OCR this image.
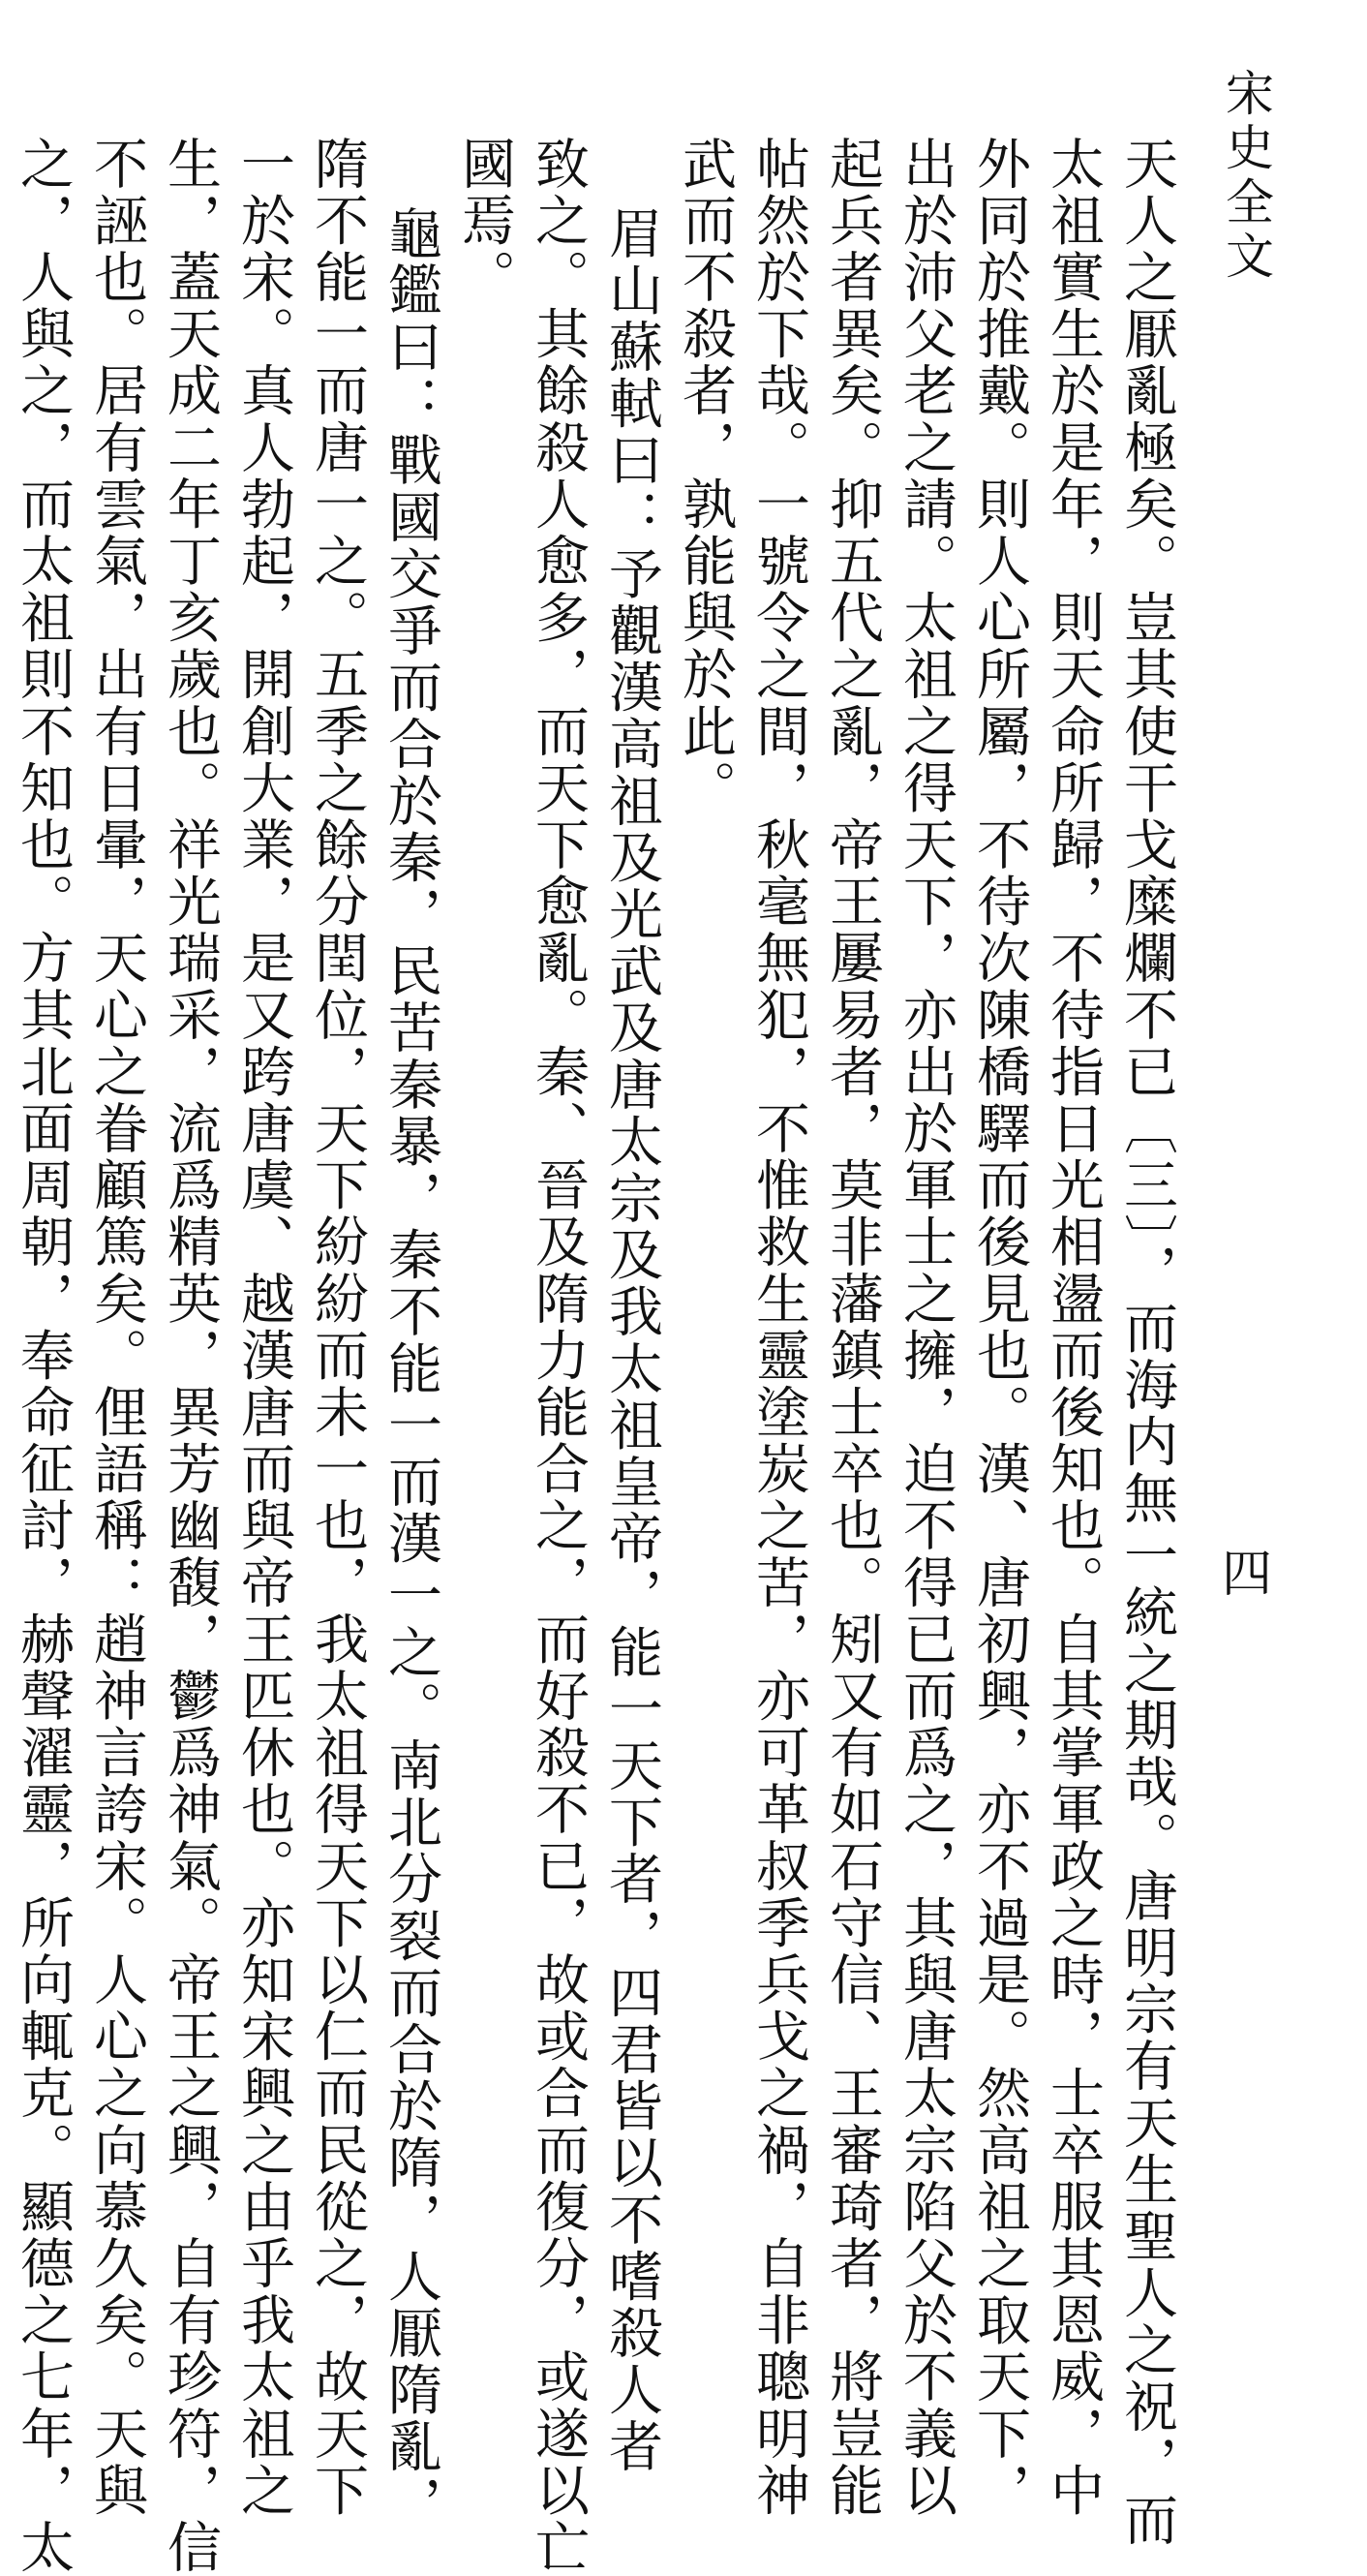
宋史全文
四
天人之厭亂極矣。豈其使干戈糜爛不已〔三〕，而海内無一統之期哉。唐明宗有天生聖人之祝，而
太祖實生於是年，則天命所歸，不待指日光相盪而後知也。自其掌軍政之時，士卒服其恩威，中
外同於推戴。則人心所屬，不待次陳橋驛而後見也。漢、唐初興，亦不過是。然高祖之取天下，
出於沛父老之請。太祖之得天下，亦出於軍士之擁，迫不得已而爲之，其與唐太宗陷父於不義以
起兵者異矣。抑五代之亂，帝王屢易者，莫非藩鎮士卒也。矧又有如石守信、王審琦者，將豈能
帖然於下哉。一號令之間，秋毫無犯，不惟救生靈塗炭之苦，亦可革叔季兵戈之禍，自非聰明神
武而不殺者，孰能與於此。
眉山蘇軾曰：予觀漢高祖及光武及唐太宗及我太祖皇帝，能一天下者，四君皆以不嗜殺人者
致之。其餘殺人愈多，而天下愈亂。秦、晉及隋力能合之，而好殺不已，故或合而復分，或遂以亡
國焉。
龜鑑曰：戰國交爭而合於秦，民苦秦暴，秦不能一而漢一之。南北分裂而合於隋，人厭隋亂，
隋不能一而唐一之。五季之餘分閏位，天下紛紛而未一也，我太祖得天下以仁而民從之，故天下
一於宋。真人勃起，開創大業，是又跨唐虞、越漢唐而與帝王匹休也。亦知宋興之由乎我太祖之
生，蓋天成二年丁亥歲也。祥光瑞采，流爲精英，異芳幽馥，鬱爲神氣。帝王之興，自有珍符，信
不誣也。居有雲氣，出有日暈，天心之眷顧篤矣。俚語稱：趙神言誇宋。人心之向慕久矣。天與
之，人與之，而太祖則不知也。方其北面周朝，奉命征討，赫聲濯靈，所向輒克。顯德之七年，太
